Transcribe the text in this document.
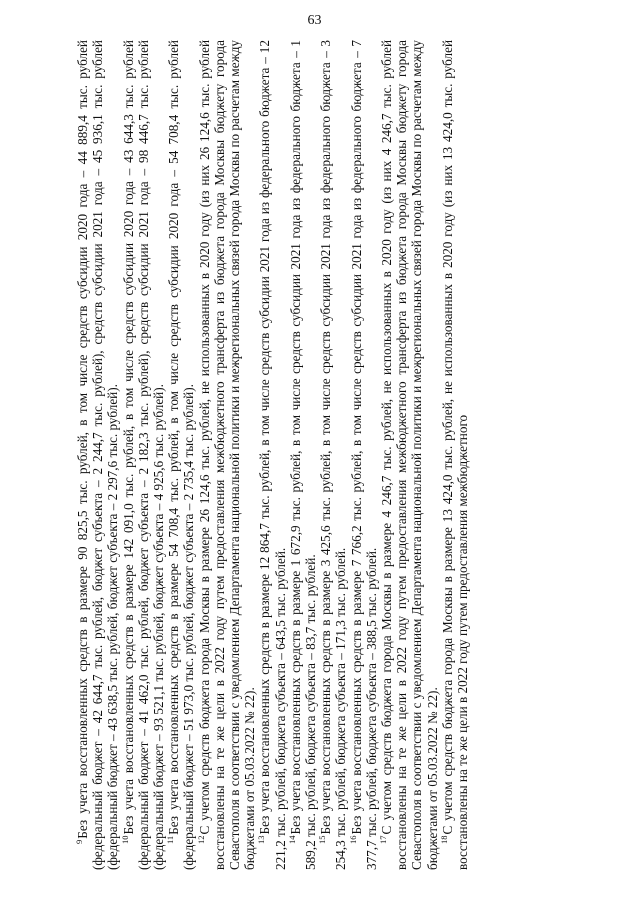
63

$^9$Без учета восстановленных средств в размере 90 825,5 тыс. рублей, в том числе средств субсидии 2020 года – 44 889,4 тыс. рублей (федеральный бюджет – 42 644,7 тыс. рублей, бюджет субъекта – 2 244,7 тыс. рублей), средств субсидии 2021 года – 45 936,1 тыс. рублей (федеральный бюджет – 43 638,5 тыс. рублей, бюджет субъекта – 2 297,6 тыс. рублей). $^{10}$Без учета восстановленных средств в размере 142 091,0 тыс. рублей, в том числе средств субсидии 2020 года – 43 644,3 тыс. рублей (федеральный бюджет – 41 462,0 тыс. рублей, бюджет субъекта – 2 182,3 тыс. рублей), средств субсидии 2021 года – 98 446,7 тыс. рублей (федеральный бюджет – 93 521,1 тыс. рублей, бюджет субъекта – 4 925,6 тыс. рублей). $^{11}$Без учета восстановленных средств в размере 54 708,4 тыс. рублей, в том числе средств субсидии 2020 года – 54 708,4 тыс. рублей (федеральный бюджет – 51 973,0 тыс. рублей, бюджет субъекта – 2 735,4 тыс. рублей). $^{12}$С учетом средств бюджета города Москвы в размере 26 124,6 тыс. рублей, не использованных в 2020 году (из них 26 124,6 тыс. рублей восстановлены на те же цели в 2022 году путем предоставления межбюджетного трансферта из бюджета города Москвы бюджету города Севастополя в соответствии с уведомлением Департамента национальной политики и межрегиональных связей города Москвы по расчетам между бюджетами от 05.03.2022 № 22). $^{13}$Без учета восстановленных средств в размере 12 864,7 тыс. рублей, в том числе средств субсидии 2021 года из федерального бюджета – 12 221,2 тыс. рублей, бюджета субъекта – 643,5 тыс. рублей. $^{14}$Без учета восстановленных средств в размере 1 672,9 тыс. рублей, в том числе средств субсидии 2021 года из федерального бюджета – 1 589,2 тыс. рублей, бюджета субъекта – 83,7 тыс. рублей. $^{15}$Без учета восстановленных средств в размере 3 425,6 тыс. рублей, в том числе средств субсидии 2021 года из федерального бюджета – 3 254,3 тыс. рублей, бюджета субъекта – 171,3 тыс. рублей. $^{16}$Без учета восстановленных средств в размере 7 766,2 тыс. рублей, в том числе средств субсидии 2021 года из федерального бюджета – 7 377,7 тыс. рублей, бюджета субъекта – 388,5 тыс. рублей. $^{17}$С учетом средств бюджета города Москвы в размере 4 246,7 тыс. рублей, не использованных в 2020 году (из них 4 246,7 тыс. рублей восстановлены на те же цели в 2022 году путем предоставления межбюджетного трансферта из бюджета города Москвы бюджету города Севастополя в соответствии с уведомлением Департамента национальной политики и межрегиональных связей города Москвы по расчетам между бюджетами от 05.03.2022 № 22). $^{18}$С учетом средств бюджета города Москвы в размере 13 424,0 тыс. рублей, не использованных в 2020 году (из них 13 424,0 тыс. рублей восстановлены на те же цели в 2022 году путем предоставления межбюджетного
